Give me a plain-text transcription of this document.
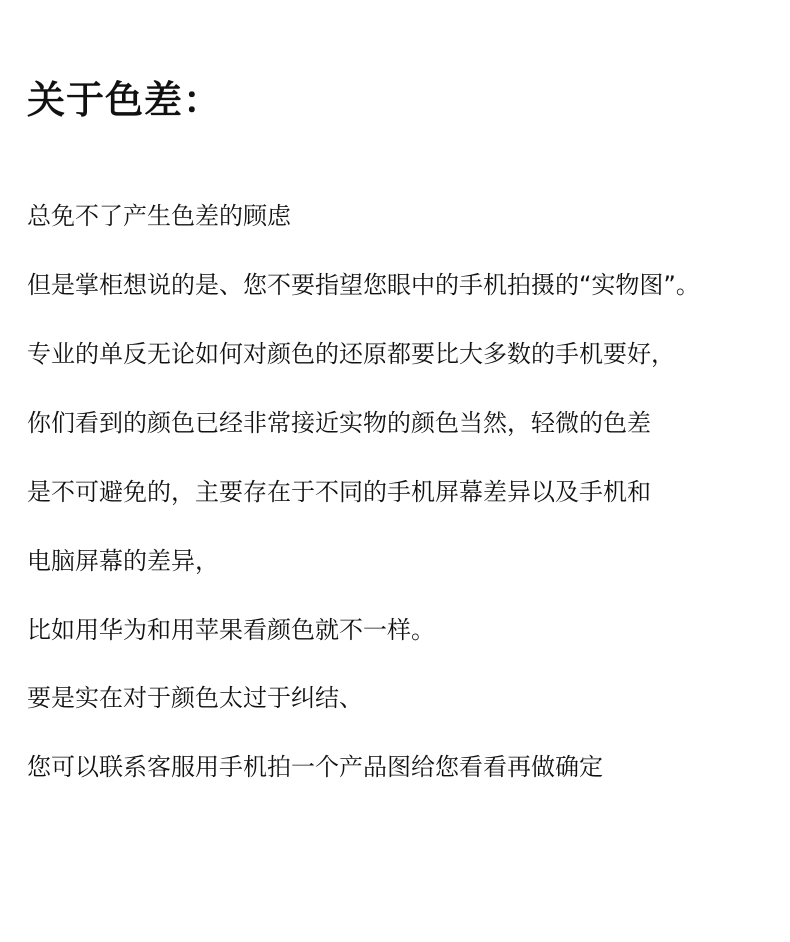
关于色差：

总免不了产生色差的顾虑

但是掌柜想说的是、您不要指望您眼中的手机拍摄的“实物图”。

专业的单反无论如何对颜色的还原都要比大多数的手机要好，

你们看到的颜色已经非常接近实物的颜色当然，轻微的色差

是不可避免的，主要存在于不同的手机屏幕差异以及手机和

电脑屏幕的差异，

比如用华为和用苹果看颜色就不一样。

要是实在对于颜色太过于纠结、

您可以联系客服用手机拍一个产品图给您看看再做确定
